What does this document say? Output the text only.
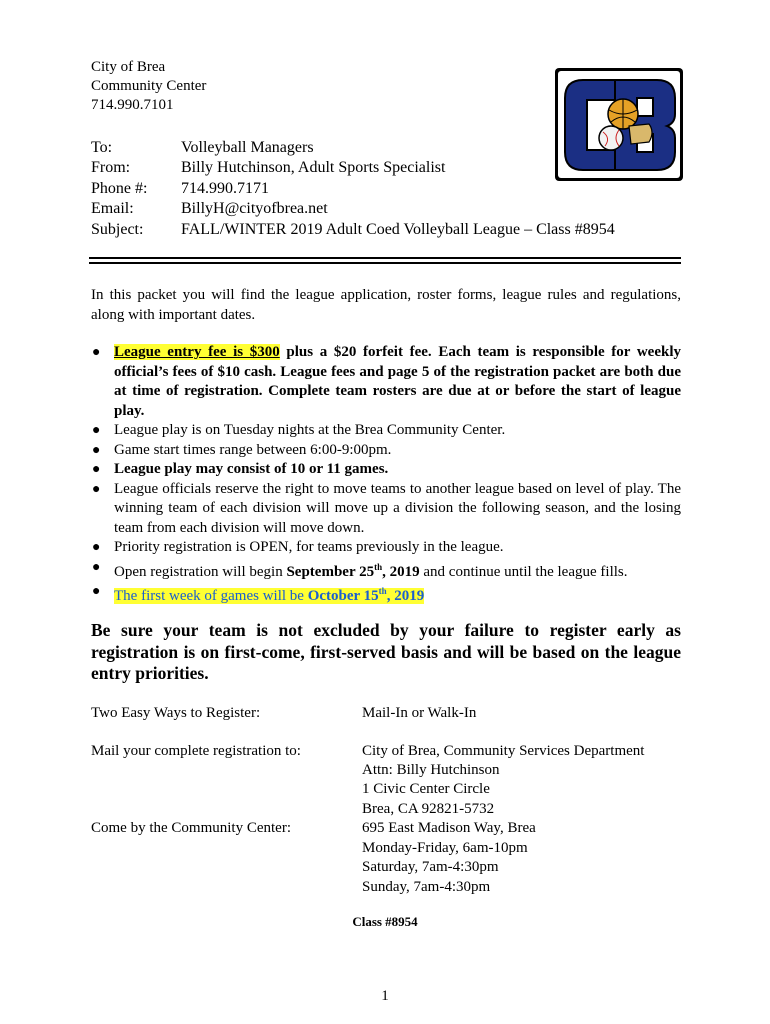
City of Brea
Community Center
714.990.7101
To:	Volleyball Managers
From:	Billy Hutchinson, Adult Sports Specialist
Phone #: 714.990.7171
Email:	BillyH@cityofbrea.net
Subject: FALL/WINTER 2019 Adult Coed Volleyball League – Class #8954
In this packet you will find the league application, roster forms, league rules and regulations, along with important dates.
● League entry fee is $300 plus a $20 forfeit fee. Each team is responsible for weekly official’s fees of $10 cash. League fees and page 5 of the registration packet are both due at time of registration. Complete team rosters are due at or before the start of league play.
● League play is on Tuesday nights at the Brea Community Center.
● Game start times range between 6:00-9:00pm.
● League play may consist of 10 or 11 games.
● League officials reserve the right to move teams to another league based on level of play. The winning team of each division will move up a division the following season, and the losing team from each division will move down.
● Priority registration is OPEN, for teams previously in the league.
● Open registration will begin September 25th, 2019 and continue until the league fills.
● The first week of games will be October 15th, 2019
Be sure your team is not excluded by your failure to register early as registration is on first-come, first-served basis and will be based on the league entry priorities.
Two Easy Ways to Register:	Mail-In or Walk-In
Mail your complete registration to:	City of Brea, Community Services Department
Attn: Billy Hutchinson
1 Civic Center Circle
Brea, CA 92821-5732
Come by the Community Center:	695 East Madison Way, Brea
Monday-Friday, 6am-10pm
Saturday, 7am-4:30pm
Sunday, 7am-4:30pm
Class #8954
1
